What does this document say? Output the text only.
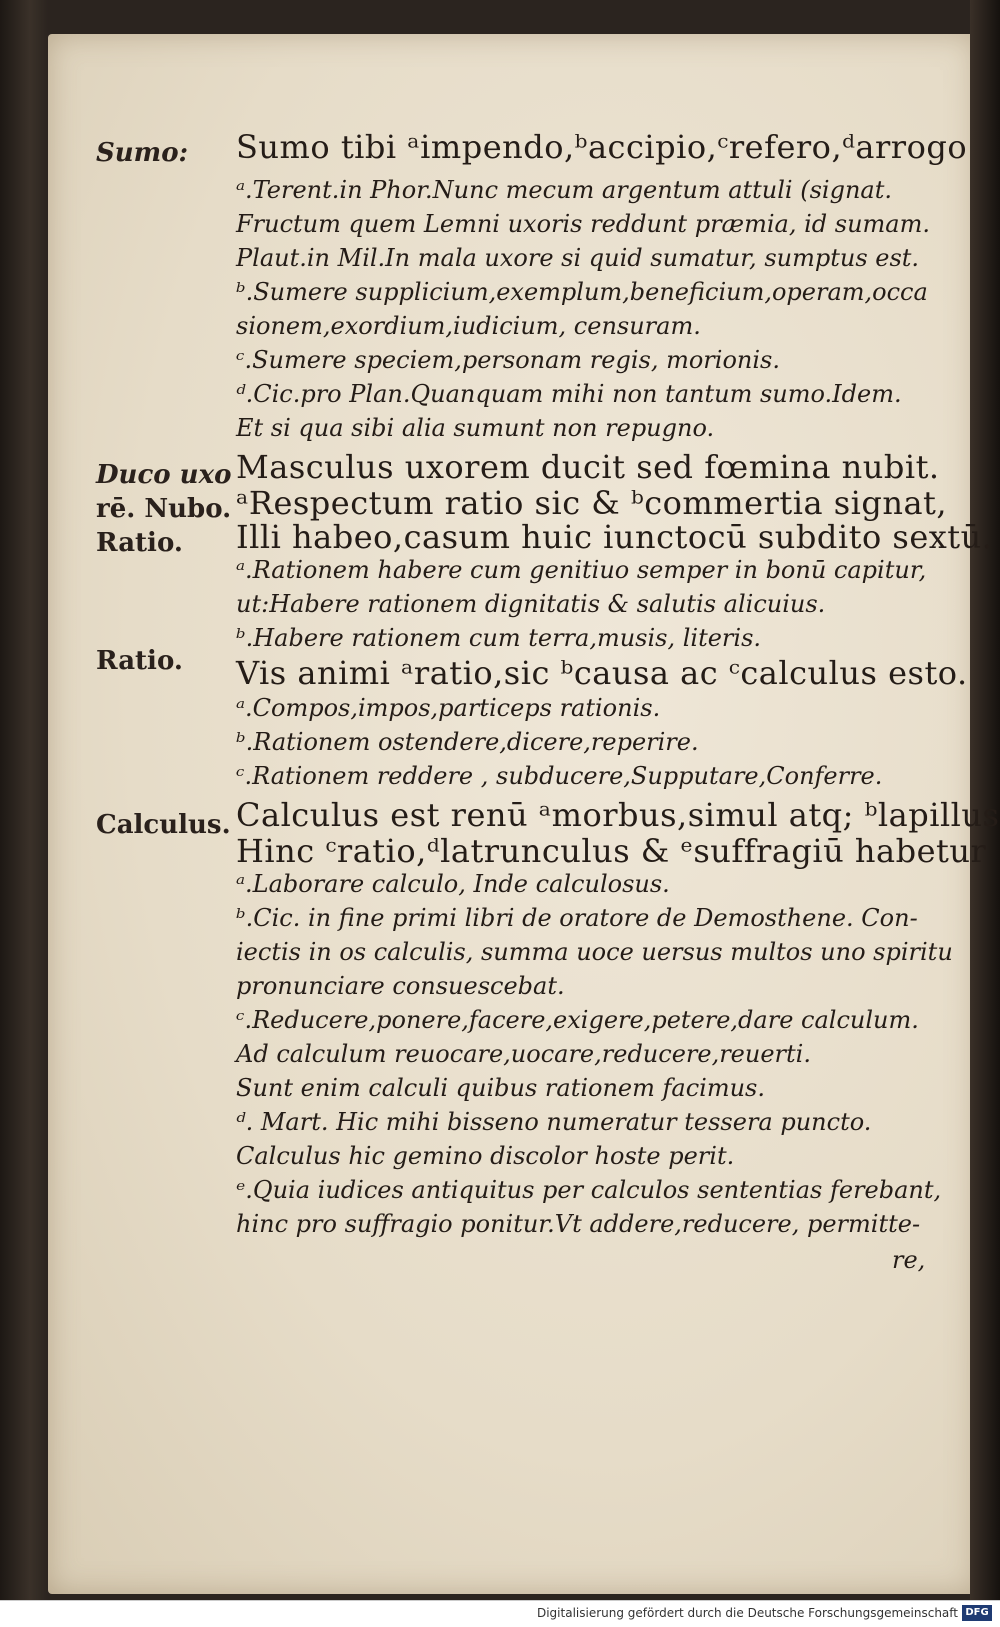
Sumo:
Duco uxo
rē. Nubo.
Ratio.
Ratio.
Calculus.
Sumo tibi ᵃimpendo,ᵇaccipio,ᶜrefero,ᵈarrogo
ᵃ.Terent.in Phor.Nunc mecum argentum attuli (signat.
Fructum quem Lemni uxoris reddunt præmia, id sumam.
Plaut.in Mil.In mala uxore si quid sumatur, sumptus est.
ᵇ.Sumere supplicium,exemplum,beneficium,operam,occa
sionem,exordium,iudicium, censuram.
ᶜ.Sumere speciem,personam regis, morionis.
ᵈ.Cic.pro Plan.Quanquam mihi non tantum sumo.Idem.
Et si qua sibi alia sumunt non repugno.
Masculus uxorem ducit sed fœmina nubit.
ᵃRespectum ratio sic & ᵇcommertia signat,
Illi habeo,casum huic iunctocū subdito sextū.
ᵃ.Rationem habere cum genitiuo semper in bonū capitur,
ut:Habere rationem dignitatis & salutis alicuius.
ᵇ.Habere rationem cum terra,musis, literis.
Vis animi ᵃratio,sic ᵇcausa ac ᶜcalculus esto.
ᵃ.Compos,impos,particeps rationis.
ᵇ.Rationem ostendere,dicere,reperire.
ᶜ.Rationem reddere , subducere,Supputare,Conferre.
Calculus est renū ᵃmorbus,simul atq; ᵇlapillus
Hinc ᶜratio,ᵈlatrunculus & ᵉsuffragiū habetur
ᵃ.Laborare calculo, Inde calculosus.
ᵇ.Cic. in fine primi libri de oratore de Demosthene. Con-
iectis in os calculis, summa uoce uersus multos uno spiritu
pronunciare consuescebat.
ᶜ.Reducere,ponere,facere,exigere,petere,dare calculum.
Ad calculum reuocare,uocare,reducere,reuerti.
Sunt enim calculi quibus rationem facimus.
ᵈ. Mart. Hic mihi bisseno numeratur tessera puncto.
Calculus hic gemino discolor hoste perit.
ᵉ.Quia iudices antiquitus per calculos sententias ferebant,
hinc pro suffragio ponitur.Vt addere,reducere, permitte-
re,
Digitalisierung gefördert durch die Deutsche Forschungsgemeinschaft DFG
